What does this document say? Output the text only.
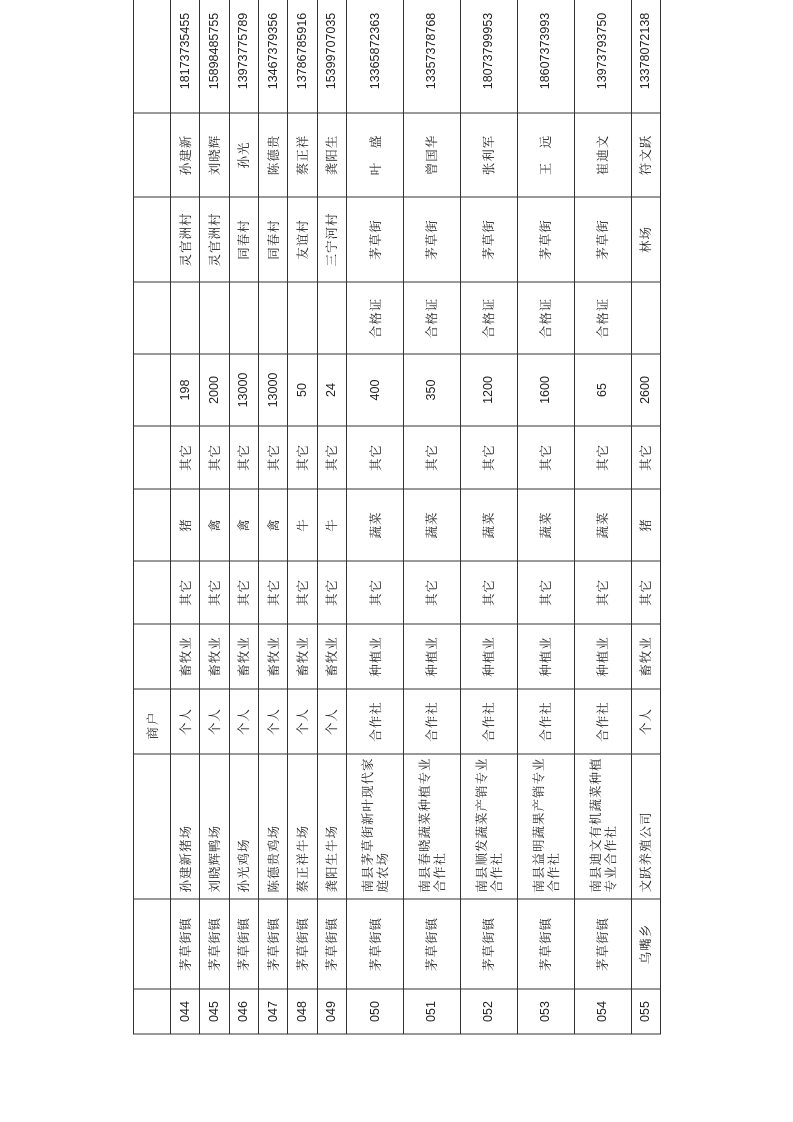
			商户									
044	茅草街镇	孙建新猪场	个人	畜牧业	其它	猪	其它	198		灵官洲村	孙建新	18173735455
045	茅草街镇	刘晓辉鸭场	个人	畜牧业	其它	禽	其它	2000		灵官洲村	刘晓辉	15898485755
046	茅草街镇	孙光鸡场	个人	畜牧业	其它	禽	其它	13000		同春村	孙光	13973775789
047	茅草街镇	陈德贵鸡场	个人	畜牧业	其它	禽	其它	13000		同春村	陈德贵	13467379356
048	茅草街镇	蔡正祥牛场	个人	畜牧业	其它	牛	其它	50		友谊村	蔡正祥	13786785916
049	茅草街镇	龚阳生牛场	个人	畜牧业	其它	牛	其它	24		三宁河村	龚阳生	15399707035
050	茅草街镇	南县茅草街新叶现代家庭农场	合作社	种植业	其它	蔬菜	其它	400	合格证	茅草街	叶　盛	13365872363
051	茅草街镇	南县春晓蔬菜种植专业合作社	合作社	种植业	其它	蔬菜	其它	350	合格证	茅草街	曾国华	13357378768
052	茅草街镇	南县顺发蔬菜产销专业合作社	合作社	种植业	其它	蔬菜	其它	1200	合格证	茅草街	张利军	18073799953
053	茅草街镇	南县益明蔬果产销专业合作社	合作社	种植业	其它	蔬菜	其它	1600	合格证	茅草街	王　远	18607373993
054	茅草街镇	南县迪文有机蔬菜种植专业合作社	合作社	种植业	其它	蔬菜	其它	65	合格证	茅草街	崔迪文	13973793750
055	乌嘴乡	文跃养殖公司	个人	畜牧业	其它	猪	其它	2600		林场	符文跃	13378072138
